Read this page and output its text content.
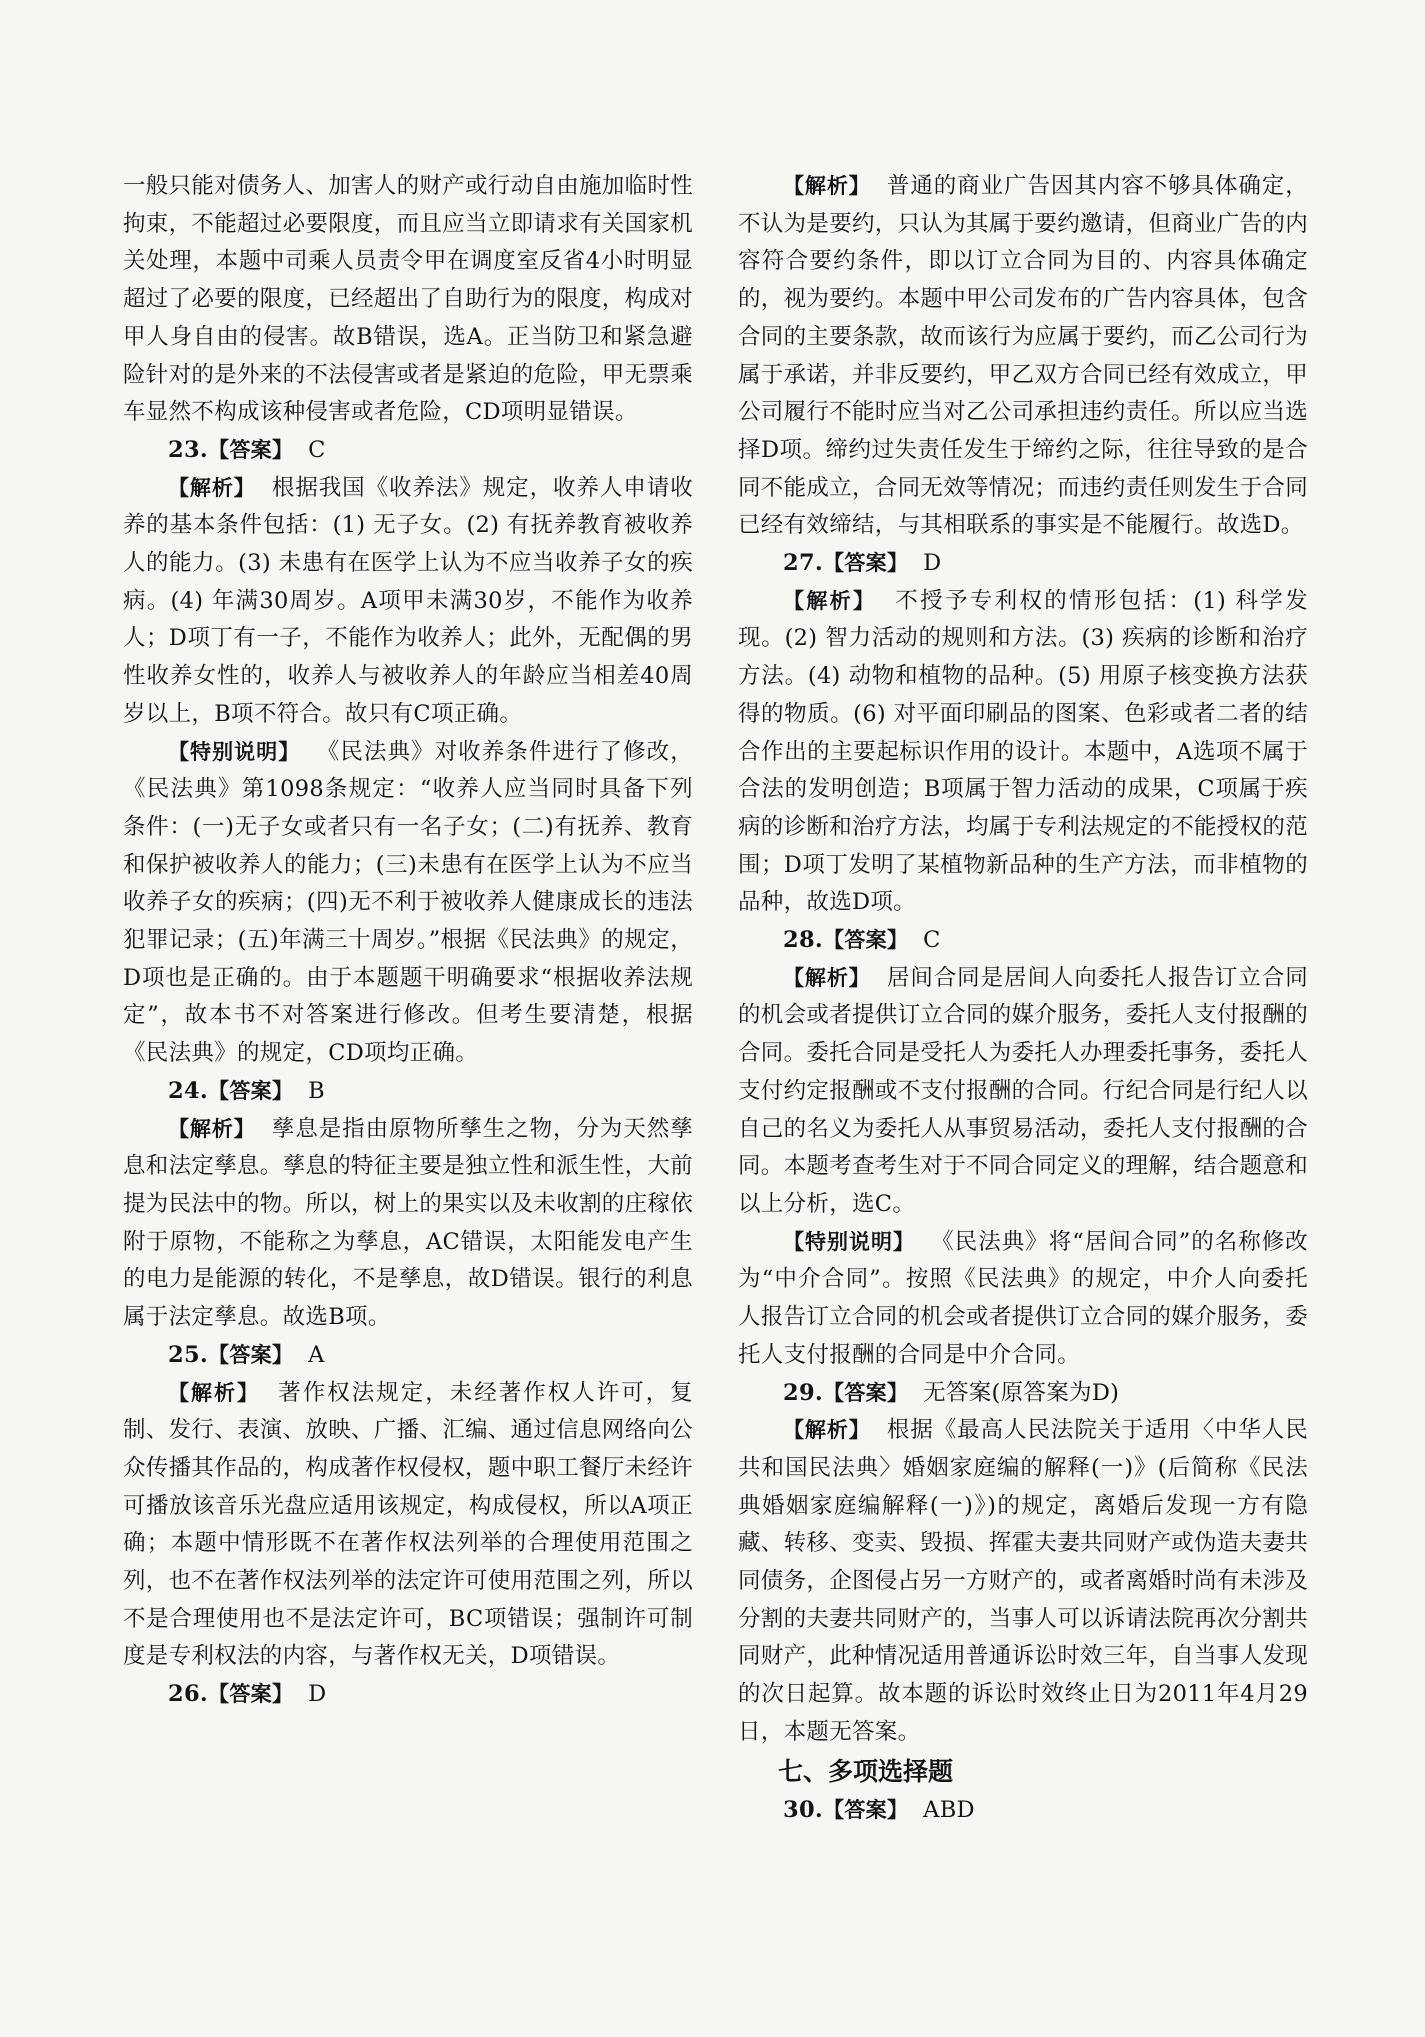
一般只能对债务人、加害人的财产或行动自由施加临时性拘束，不能超过必要限度，而且应当立即请求有关国家机关处理，本题中司乘人员责令甲在调度室反省4小时明显超过了必要的限度，已经超出了自助行为的限度，构成对甲人身自由的侵害。故B错误，选A。正当防卫和紧急避险针对的是外来的不法侵害或者是紧迫的危险，甲无票乘车显然不构成该种侵害或者危险，CD项明显错误。

23.【答案】 C

【解析】 根据我国《收养法》规定，收养人申请收养的基本条件包括：(1) 无子女。(2) 有抚养教育被收养人的能力。(3) 未患有在医学上认为不应当收养子女的疾病。(4) 年满30周岁。A项甲未满30岁，不能作为收养人；D项丁有一子，不能作为收养人；此外，无配偶的男性收养女性的，收养人与被收养人的年龄应当相差40周岁以上，B项不符合。故只有C项正确。

【特别说明】 《民法典》对收养条件进行了修改，《民法典》第1098条规定：“收养人应当同时具备下列条件：(一)无子女或者只有一名子女；(二)有抚养、教育和保护被收养人的能力；(三)未患有在医学上认为不应当收养子女的疾病；(四)无不利于被收养人健康成长的违法犯罪记录；(五)年满三十周岁。”根据《民法典》的规定，D项也是正确的。由于本题题干明确要求“根据收养法规定”，故本书不对答案进行修改。但考生要清楚，根据《民法典》的规定，CD项均正确。

24.【答案】 B

【解析】 孳息是指由原物所孳生之物，分为天然孳息和法定孳息。孳息的特征主要是独立性和派生性，大前提为民法中的物。所以，树上的果实以及未收割的庄稼依附于原物，不能称之为孳息，AC错误，太阳能发电产生的电力是能源的转化，不是孳息，故D错误。银行的利息属于法定孳息。故选B项。

25.【答案】 A

【解析】 著作权法规定，未经著作权人许可，复制、发行、表演、放映、广播、汇编、通过信息网络向公众传播其作品的，构成著作权侵权，题中职工餐厅未经许可播放该音乐光盘应适用该规定，构成侵权，所以A项正确；本题中情形既不在著作权法列举的合理使用范围之列，也不在著作权法列举的法定许可使用范围之列，所以不是合理使用也不是法定许可，BC项错误；强制许可制度是专利权法的内容，与著作权无关，D项错误。

26.【答案】 D

【解析】 普通的商业广告因其内容不够具体确定，不认为是要约，只认为其属于要约邀请，但商业广告的内容符合要约条件，即以订立合同为目的、内容具体确定的，视为要约。本题中甲公司发布的广告内容具体，包含合同的主要条款，故而该行为应属于要约，而乙公司行为属于承诺，并非反要约，甲乙双方合同已经有效成立，甲公司履行不能时应当对乙公司承担违约责任。所以应当选择D项。缔约过失责任发生于缔约之际，往往导致的是合同不能成立，合同无效等情况；而违约责任则发生于合同已经有效缔结，与其相联系的事实是不能履行。故选D。

27.【答案】 D

【解析】 不授予专利权的情形包括：(1) 科学发现。(2) 智力活动的规则和方法。(3) 疾病的诊断和治疗方法。(4) 动物和植物的品种。(5) 用原子核变换方法获得的物质。(6) 对平面印刷品的图案、色彩或者二者的结合作出的主要起标识作用的设计。本题中，A选项不属于合法的发明创造；B项属于智力活动的成果，C项属于疾病的诊断和治疗方法，均属于专利法规定的不能授权的范围；D项丁发明了某植物新品种的生产方法，而非植物的品种，故选D项。

28.【答案】 C

【解析】 居间合同是居间人向委托人报告订立合同的机会或者提供订立合同的媒介服务，委托人支付报酬的合同。委托合同是受托人为委托人办理委托事务，委托人支付约定报酬或不支付报酬的合同。行纪合同是行纪人以自己的名义为委托人从事贸易活动，委托人支付报酬的合同。本题考查考生对于不同合同定义的理解，结合题意和以上分析，选C。

【特别说明】 《民法典》将“居间合同”的名称修改为“中介合同”。按照《民法典》的规定，中介人向委托人报告订立合同的机会或者提供订立合同的媒介服务，委托人支付报酬的合同是中介合同。

29.【答案】 无答案(原答案为D)

【解析】 根据《最高人民法院关于适用〈中华人民共和国民法典〉婚姻家庭编的解释(一)》(后简称《民法典婚姻家庭编解释(一)》)的规定，离婚后发现一方有隐藏、转移、变卖、毁损、挥霍夫妻共同财产或伪造夫妻共同债务，企图侵占另一方财产的，或者离婚时尚有未涉及分割的夫妻共同财产的，当事人可以诉请法院再次分割共同财产，此种情况适用普通诉讼时效三年，自当事人发现的次日起算。故本题的诉讼时效终止日为2011年4月29日，本题无答案。

七、多项选择题

30.【答案】 ABD
